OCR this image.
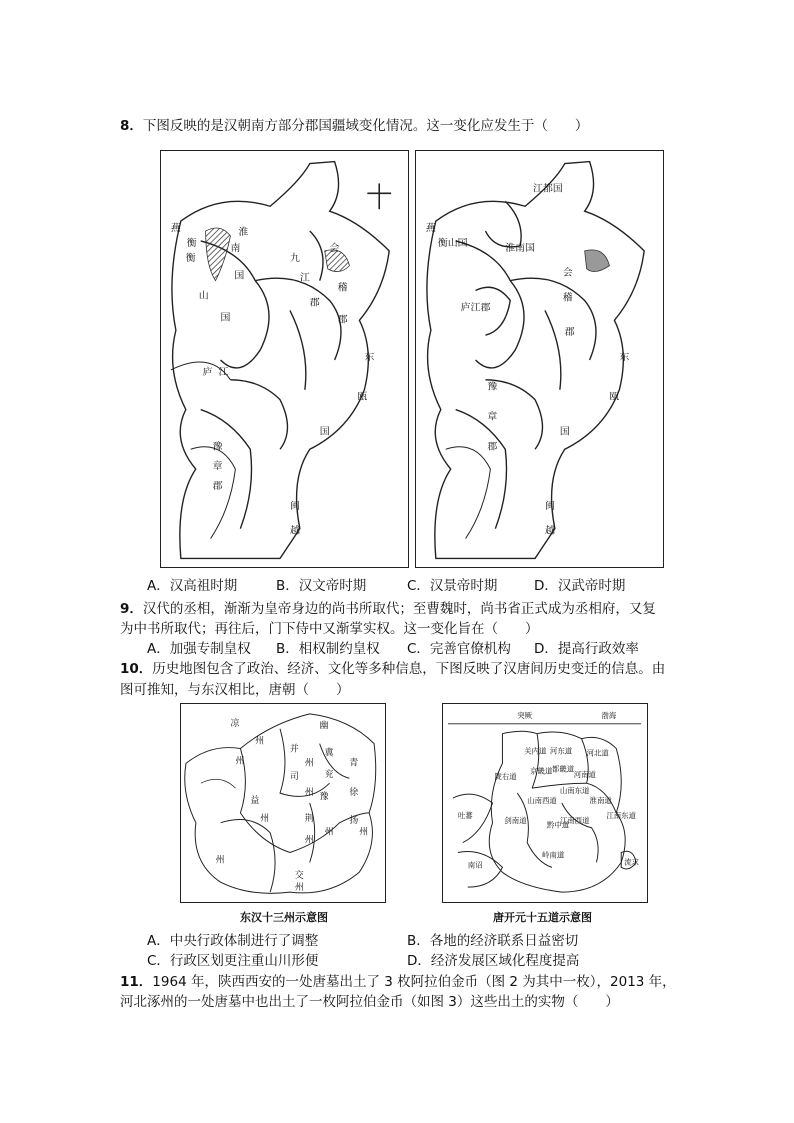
8．下图反映的是汉朝南方部分郡国疆域变化情况。这一变化应发生于（　　）
燕
衡
山
国
淮
南
国
九
江
郡
豫
章
郡
会
稽
郡
东
瓯
国
闽
越
庐 江
衡
江都国
淮南国
衡山国
庐江郡
豫
章
郡
会
稽
郡
东
瓯
国
闽
越
燕
A．汉高祖时期	B．汉文帝时期	C．汉景帝时期	D．汉武帝时期
9．汉代的丞相，渐渐为皇帝身边的尚书所取代；至曹魏时，尚书省正式成为丞相府，又复
为中书所取代；再往后，门下侍中又渐掌实权。这一变化旨在（　　）
A．加强专制皇权 B．相权制约皇权 C．完善官僚机构 D．提高行政效率
10．历史地图包含了政治、经济、文化等多种信息，下图反映了汉唐间历史变迁的信息。由
图可推知，与东汉相比，唐朝（　　）
凉
州
幽
并	冀
司	兖
青
徐
豫
扬
荆
益
交
州	州
州
州	州
州
州
州
州
东汉十三州示意图
突厥	渤海
关内道	河北道
河东道
河南道
陇右道
京畿道 都畿道
山南东道
山南西道	淮南道
黔中道
江南西道
江南东道
剑南道
岭南道
吐蕃
南诏	流求
唐开元十五道示意图
A．中央行政体制进行了调整	B．各地的经济联系日益密切
C．行政区划更注重山川形便	D．经济发展区域化程度提高
11．1964 年，陕西西安的一处唐墓出土了 3 枚阿拉伯金币（图 2 为其中一枚），2013 年，
河北涿州的一处唐墓中也出土了一枚阿拉伯金币（如图 3）这些出土的实物（　　）
